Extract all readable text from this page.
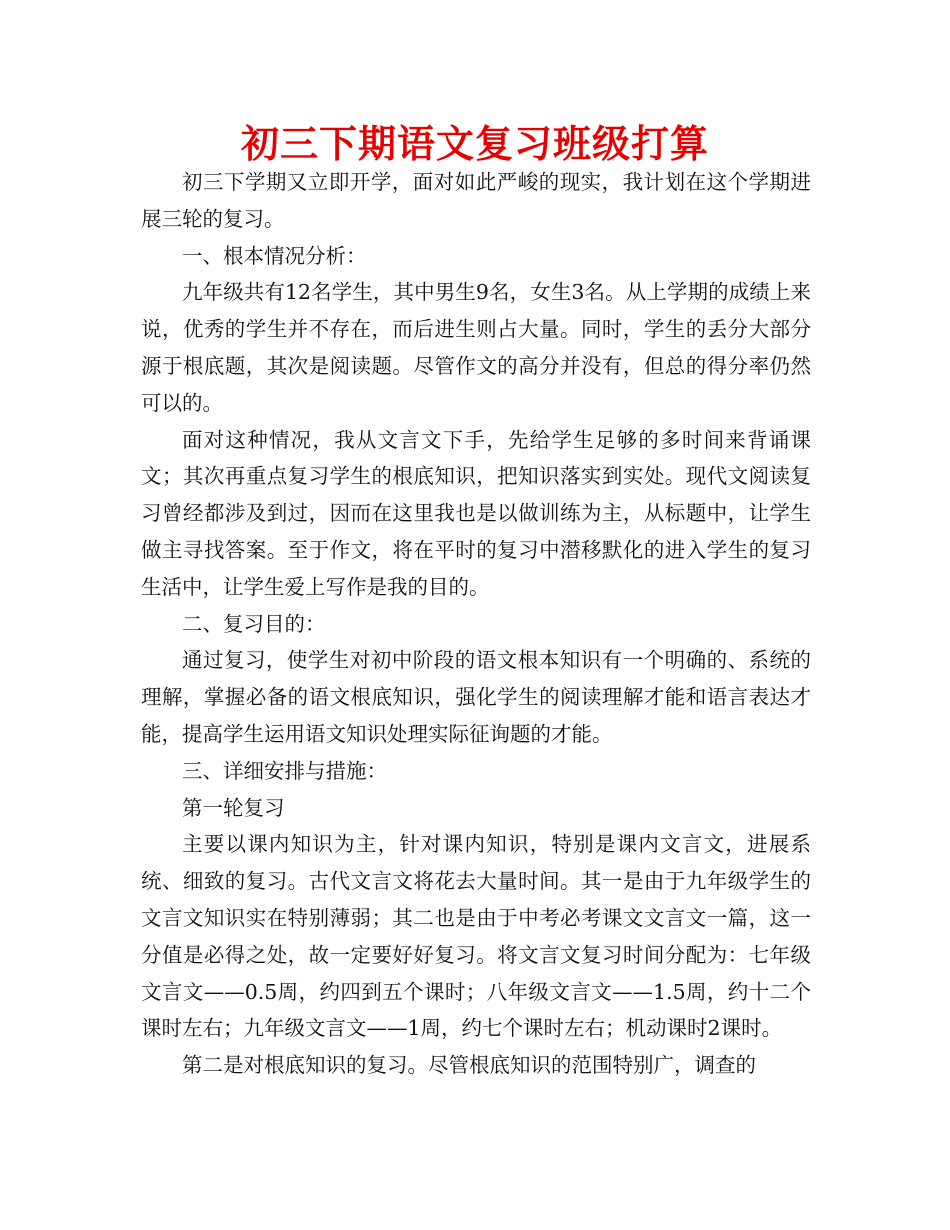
初三下期语文复习班级打算

初三下学期又立即开学，面对如此严峻的现实，我计划在这个学期进展三轮的复习。

一、根本情况分析：

九年级共有12名学生，其中男生9名，女生3名。从上学期的成绩上来说，优秀的学生并不存在，而后进生则占大量。同时，学生的丢分大部分源于根底题，其次是阅读题。尽管作文的高分并没有，但总的得分率仍然可以的。

面对这种情况，我从文言文下手，先给学生足够的多时间来背诵课文；其次再重点复习学生的根底知识，把知识落实到实处。现代文阅读复习曾经都涉及到过，因而在这里我也是以做训练为主，从标题中，让学生做主寻找答案。至于作文，将在平时的复习中潜移默化的进入学生的复习生活中，让学生爱上写作是我的目的。

二、复习目的：

通过复习，使学生对初中阶段的语文根本知识有一个明确的、系统的理解，掌握必备的语文根底知识，强化学生的阅读理解才能和语言表达才能，提高学生运用语文知识处理实际征询题的才能。

三、详细安排与措施：

第一轮复习

主要以课内知识为主，针对课内知识，特别是课内文言文，进展系统、细致的复习。古代文言文将花去大量时间。其一是由于九年级学生的文言文知识实在特别薄弱；其二也是由于中考必考课文文言文一篇，这一分值是必得之处，故一定要好好复习。将文言文复习时间分配为：七年级文言文——0.5周，约四到五个课时；八年级文言文——1.5周，约十二个课时左右；九年级文言文——1周，约七个课时左右；机动课时2课时。

第二是对根底知识的复习。尽管根底知识的范围特别广，调查的
